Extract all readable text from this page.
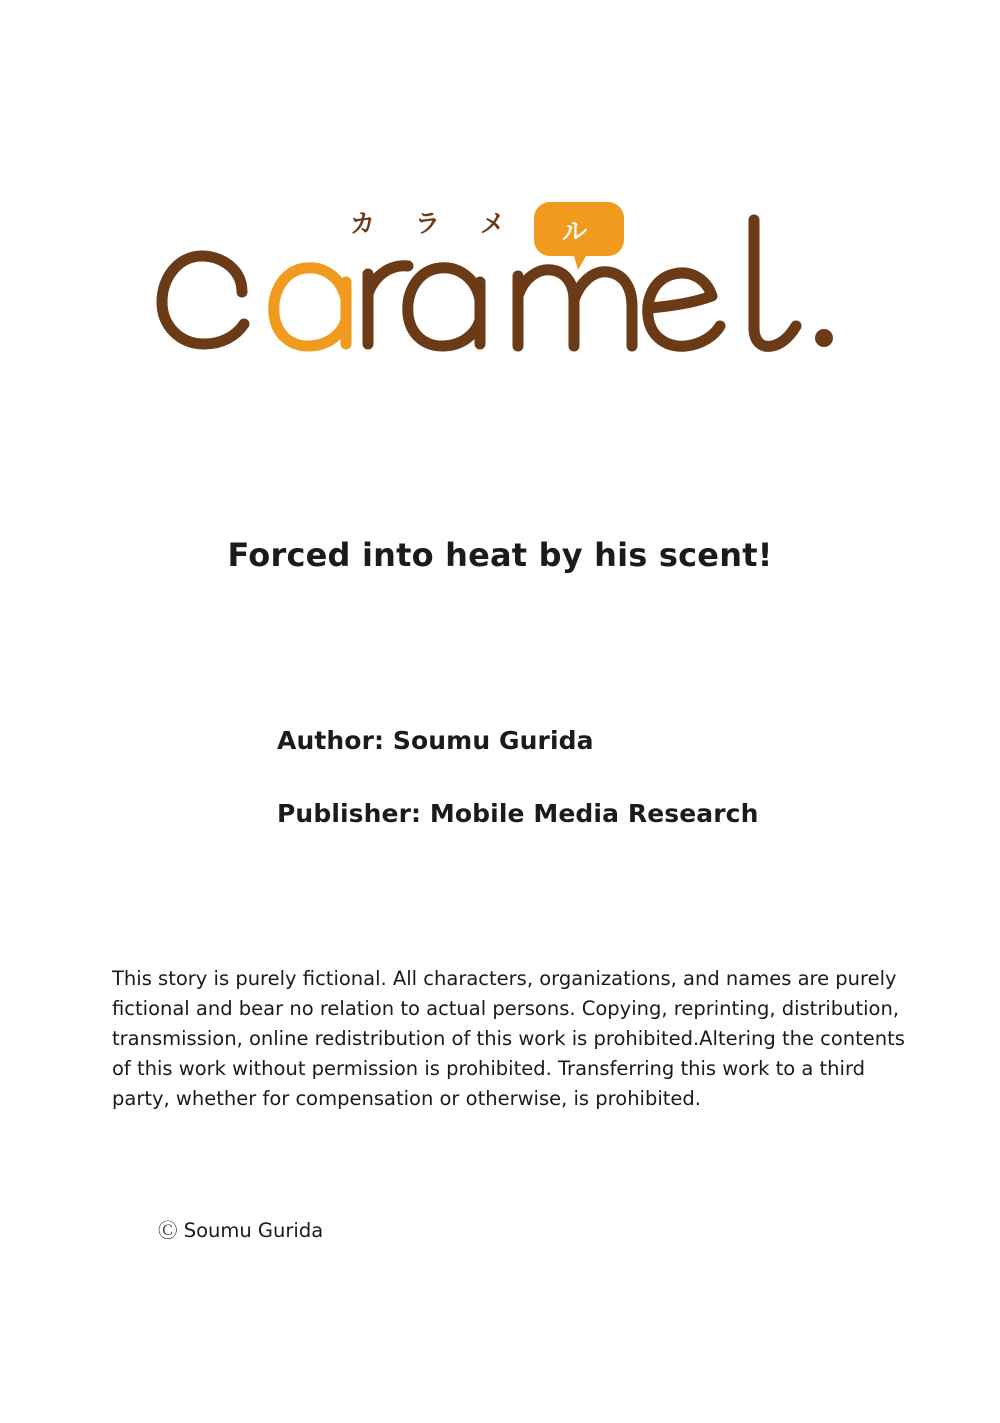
カ ラ メ ル
Forced into heat by his scent!
Author: Soumu Gurida
Publisher: Mobile Media Research
This story is purely fictional. All characters, organizations, and names are purely fictional and bear no relation to actual persons. Copying, reprinting, distribution, transmission, online redistribution of this work is prohibited.Altering the contents of this work without permission is prohibited. Transferring this work to a third party, whether for compensation or otherwise, is prohibited.
Ⓒ Soumu Gurida
